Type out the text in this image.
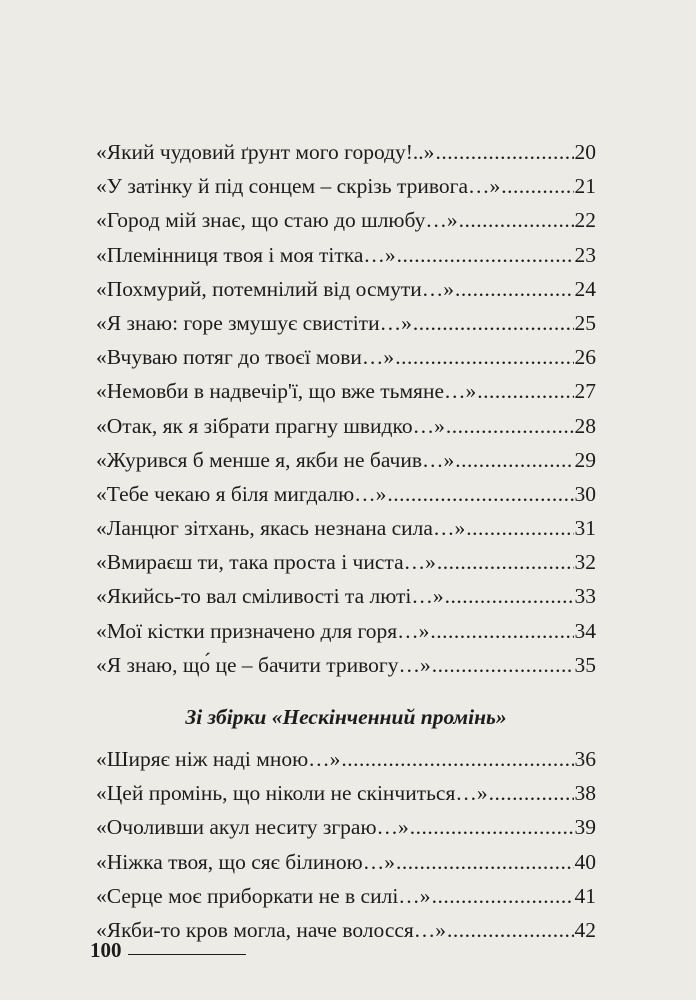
«Який чудовий ґрунт мого городу!..» .....	20
«У затінку й під сонцем – скрізь тривога…» .....	21
«Город мій знає, що стаю до шлюбу…» .....	22
«Племінниця твоя і моя тітка…» .....	23
«Похмурий, потемнілий від осмути…» .....	24
«Я знаю: горе змушує свистіти…» .....	25
«Вчуваю потяг до твоєї мови…» .....	26
«Немовби в надвечір'ї, що вже тьмяне…» .....	27
«Отак, як я зібрати прагну швидко…» .....	28
«Журився б менше я, якби не бачив…» .....	29
«Тебе чекаю я біля мигдалю…» .....	30
«Ланцюг зітхань, якась незнана сила…» .....	31
«Вмираєш ти, така проста і чиста…» .....	32
«Якийсь-то вал сміливості та люті…» .....	33
«Мої кістки призначено для горя…» .....	34
«Я знаю, що́ це – бачити тривогу…» .....	35
Зі збірки «Нескінченний промінь»
«Ширяє ніж наді мною…» .....	36
«Цей промінь, що ніколи не скінчиться…» .....	38
«Очоливши акул неситу зграю…» .....	39
«Ніжка твоя, що сяє білиною…» .....	40
«Серце моє приборкати не в силі…» .....	41
«Якби-то кров могла, наче волосся…» .....	42
100
